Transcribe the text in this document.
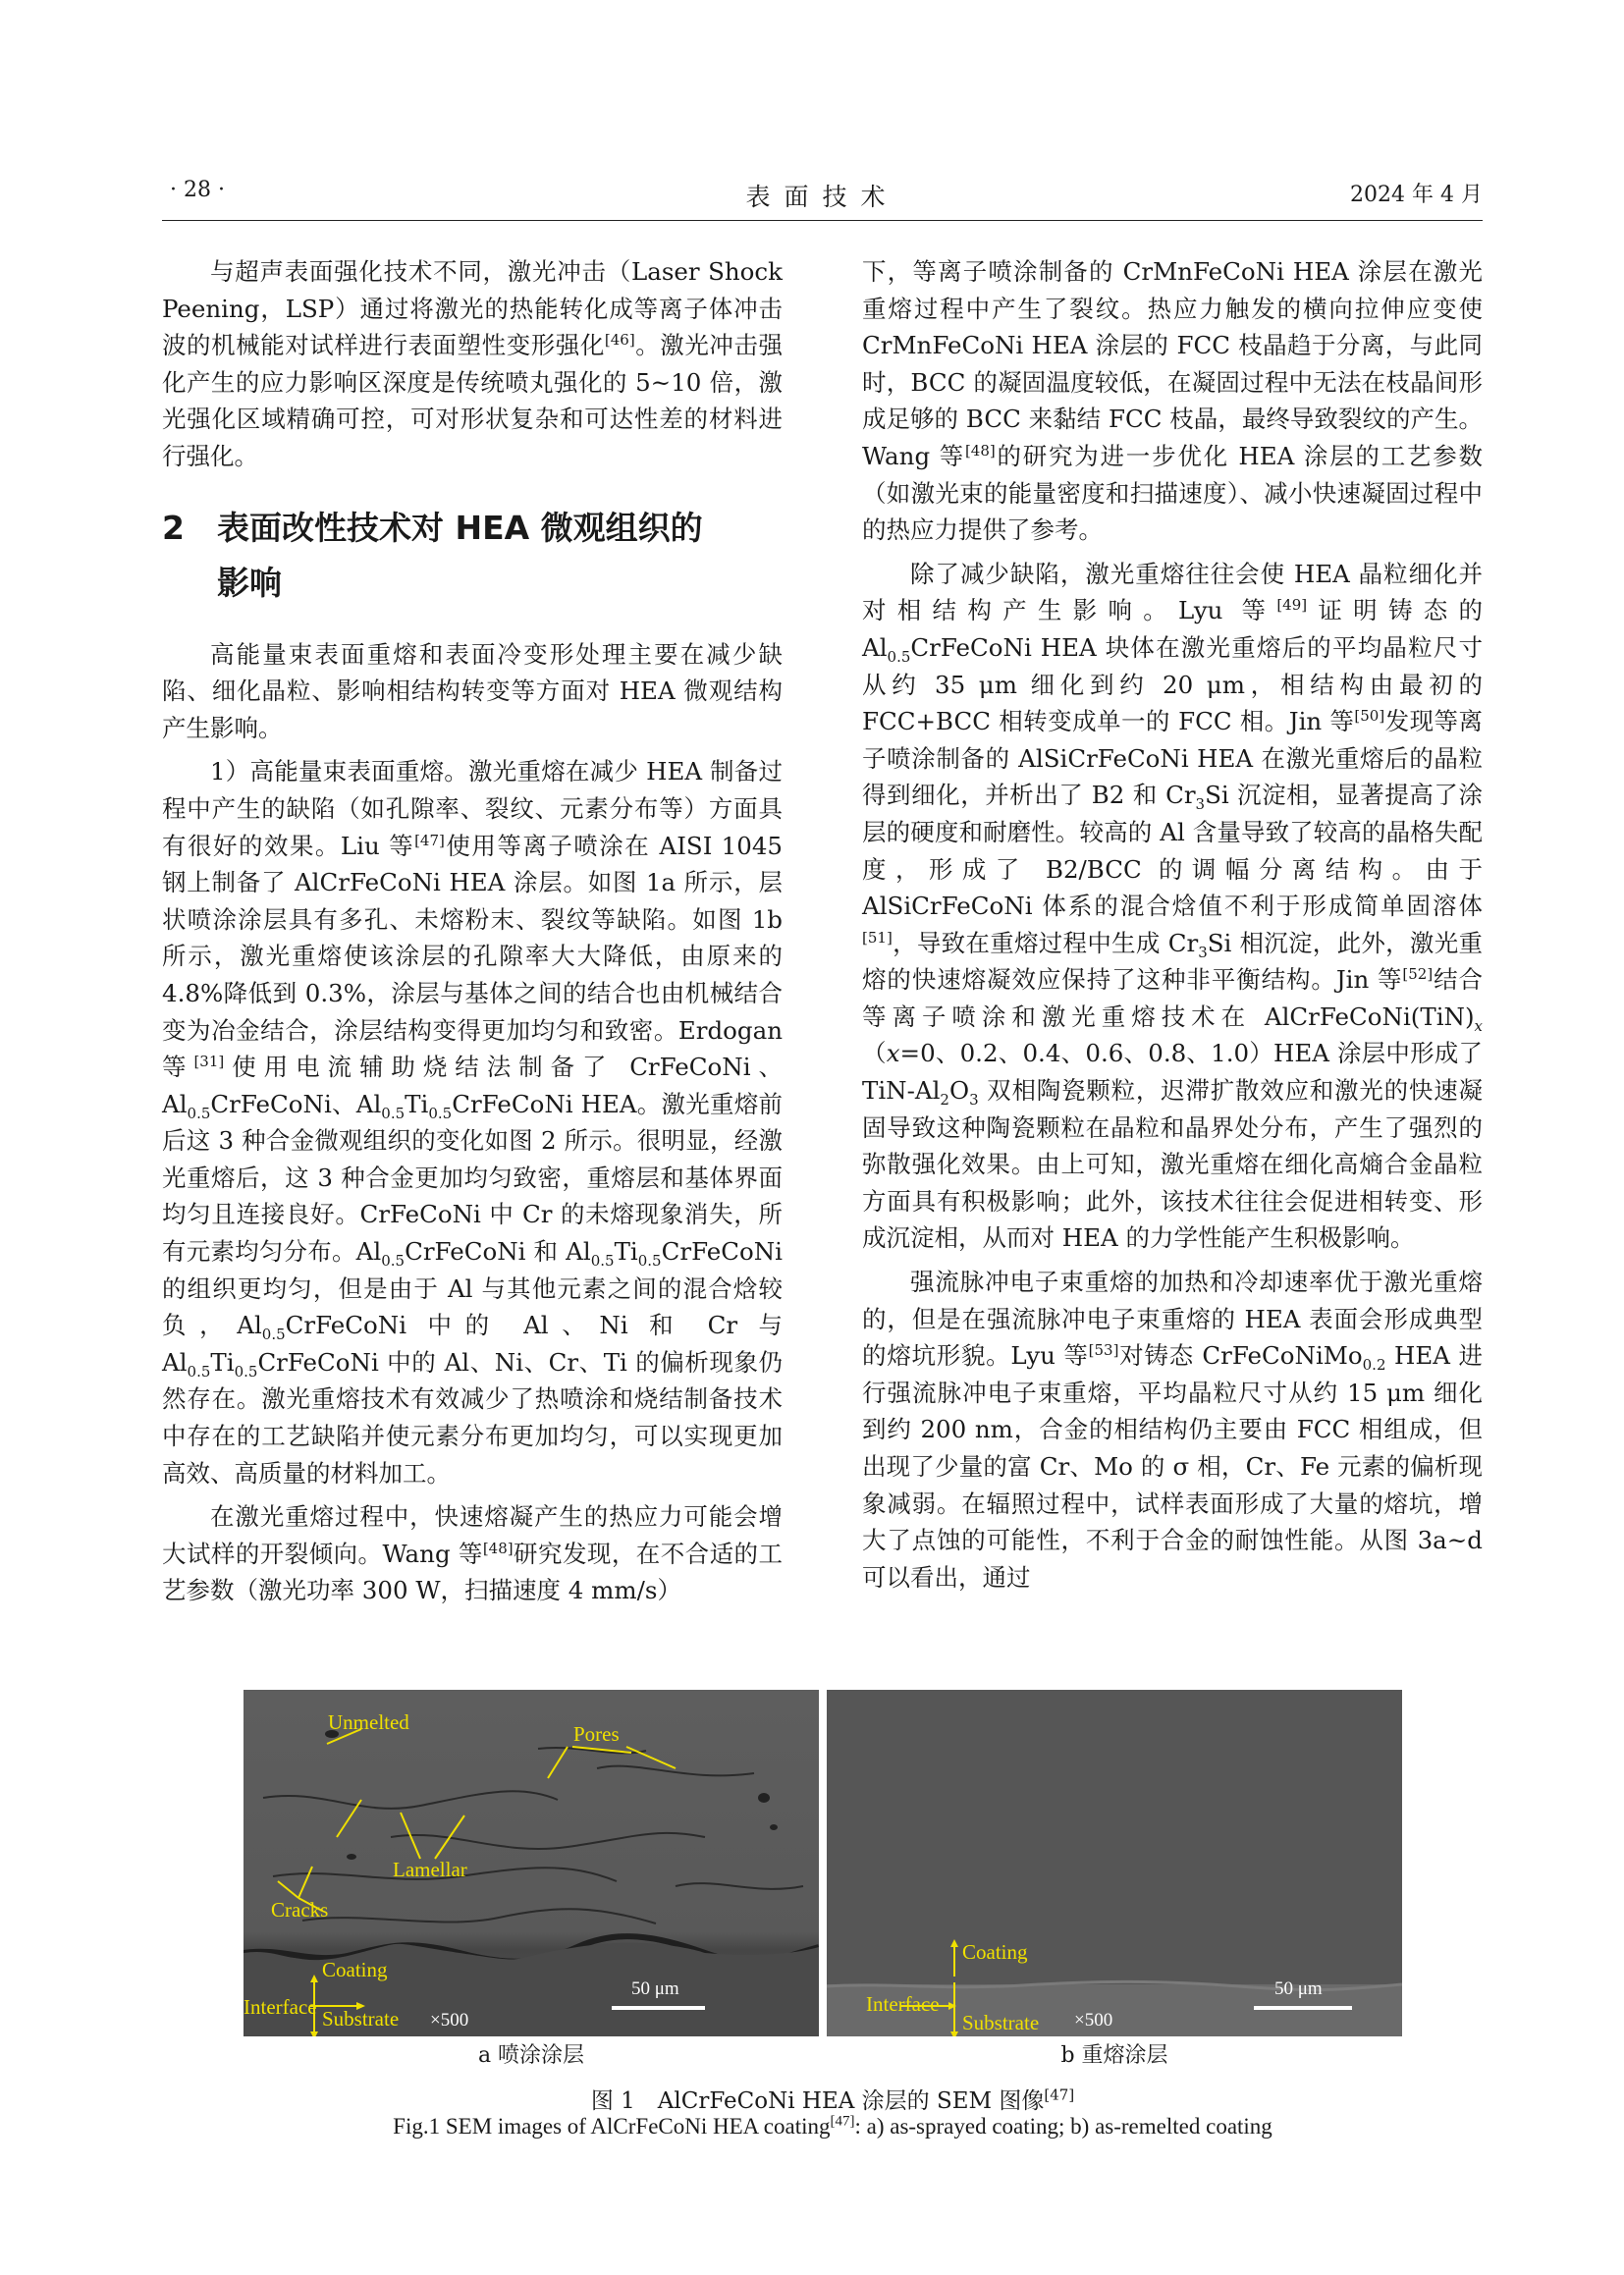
· 28 ·	表面技术	2024 年 4 月

与超声表面强化技术不同，激光冲击（Laser Shock Peening，LSP）通过将激光的热能转化成等离子体冲击波的机械能对试样进行表面塑性变形强化[46]。激光冲击强化产生的应力影响区深度是传统喷丸强化的 5~10 倍，激光强化区域精确可控，可对形状复杂和可达性差的材料进行强化。

2 表面改性技术对 HEA 微观组织的
影响

高能量束表面重熔和表面冷变形处理主要在减少缺陷、细化晶粒、影响相结构转变等方面对 HEA 微观结构产生影响。

1）高能量束表面重熔。激光重熔在减少 HEA 制备过程中产生的缺陷（如孔隙率、裂纹、元素分布等）方面具有很好的效果。Liu 等[47]使用等离子喷涂在 AISI 1045 钢上制备了 AlCrFeCoNi HEA 涂层。如图 1a 所示，层状喷涂涂层具有多孔、未熔粉末、裂纹等缺陷。如图 1b 所示，激光重熔使该涂层的孔隙率大大降低，由原来的 4.8%降低到 0.3%，涂层与基体之间的结合也由机械结合变为冶金结合，涂层结构变得更加均匀和致密。Erdogan 等[31]使用电流辅助烧结法制备了 CrFeCoNi、$Al_{0.5}CrFeCoNi$、$Al_{0.5}Ti_{0.5}CrFeCoNi$ HEA。激光重熔前后这 3 种合金微观组织的变化如图 2 所示。很明显，经激光重熔后，这 3 种合金更加均匀致密，重熔层和基体界面均匀且连接良好。CrFeCoNi 中 Cr 的未熔现象消失，所有元素均匀分布。$Al_{0.5}CrFeCoNi$ 和 $Al_{0.5}Ti_{0.5}CrFeCoNi$ 的组织更均匀，但是由于 Al 与其他元素之间的混合焓较负，$Al_{0.5}CrFeCoNi$ 中的 Al、Ni 和 Cr 与 $Al_{0.5}Ti_{0.5}CrFeCoNi$ 中的 Al、Ni、Cr、Ti 的偏析现象仍然存在。激光重熔技术有效减少了热喷涂和烧结制备技术中存在的工艺缺陷并使元素分布更加均匀，可以实现更加高效、高质量的材料加工。

在激光重熔过程中，快速熔凝产生的热应力可能会增大试样的开裂倾向。Wang 等[48]研究发现，在不合适的工艺参数（激光功率 300 W，扫描速度 4 mm/s）

下，等离子喷涂制备的 CrMnFeCoNi HEA 涂层在激光重熔过程中产生了裂纹。热应力触发的横向拉伸应变使 CrMnFeCoNi HEA 涂层的 FCC 枝晶趋于分离，与此同时，BCC 的凝固温度较低，在凝固过程中无法在枝晶间形成足够的 BCC 来黏结 FCC 枝晶，最终导致裂纹的产生。Wang 等[48]的研究为进一步优化 HEA 涂层的工艺参数（如激光束的能量密度和扫描速度）、减小快速凝固过程中的热应力提供了参考。

除了减少缺陷，激光重熔往往会使 HEA 晶粒细化并对相结构产生影响。Lyu 等[49]证明铸态的 $Al_{0.5}CrFeCoNi$ HEA 块体在激光重熔后的平均晶粒尺寸从约 35 μm 细化到约 20 μm，相结构由最初的 FCC+BCC 相转变成单一的 FCC 相。Jin 等[50]发现等离子喷涂制备的 AlSiCrFeCoNi HEA 在激光重熔后的晶粒得到细化，并析出了 B2 和 $Cr_3Si$ 沉淀相，显著提高了涂层的硬度和耐磨性。较高的 Al 含量导致了较高的晶格失配度，形成了 B2/BCC 的调幅分离结构。由于 AlSiCrFeCoNi 体系的混合焓值不利于形成简单固溶体[51]，导致在重熔过程中生成 $Cr_3Si$ 相沉淀，此外，激光重熔的快速熔凝效应保持了这种非平衡结构。Jin 等[52]结合等离子喷涂和激光重熔技术在 $AlCrFeCoNi(TiN)_x(x=0$、0.2、0.4、0.6、0.8、1.0）HEA 涂层中形成了 TiN-$Al_2O_3$ 双相陶瓷颗粒，迟滞扩散效应和激光的快速凝固导致这种陶瓷颗粒在晶粒和晶界处分布，产生了强烈的弥散强化效果。由上可知，激光重熔在细化高熵合金晶粒方面具有积极影响；此外，该技术往往会促进相转变、形成沉淀相，从而对 HEA 的力学性能产生积极影响。

强流脉冲电子束重熔的加热和冷却速率优于激光重熔的，但是在强流脉冲电子束重熔的 HEA 表面会形成典型的熔坑形貌。Lyu 等[53]对铸态 CrFeCoNiMo$_{0.2}$ HEA 进行强流脉冲电子束重熔，平均晶粒尺寸从约 15 μm 细化到约 200 nm，合金的相结构仍主要由 FCC 相组成，但出现了少量的富 Cr、Mo 的 σ 相，Cr、Fe 元素的偏析现象减弱。在辐照过程中，试样表面形成了大量的熔坑，增大了点蚀的可能性，不利于合金的耐蚀性能。从图 3a~d 可以看出，通过

Unmelted	Pores
Lamellar
Cracks
Coating
Interface Substrate ×500
50 μm
Coating
Interface
Substrate ×500
50 μm
a 喷涂涂层	b 重熔涂层
图 1　AlCrFeCoNi HEA 涂层的 SEM 图像[47]
Fig.1 SEM images of AlCrFeCoNi HEA coating[47]: a) as-sprayed coating; b) as-remelted coating
